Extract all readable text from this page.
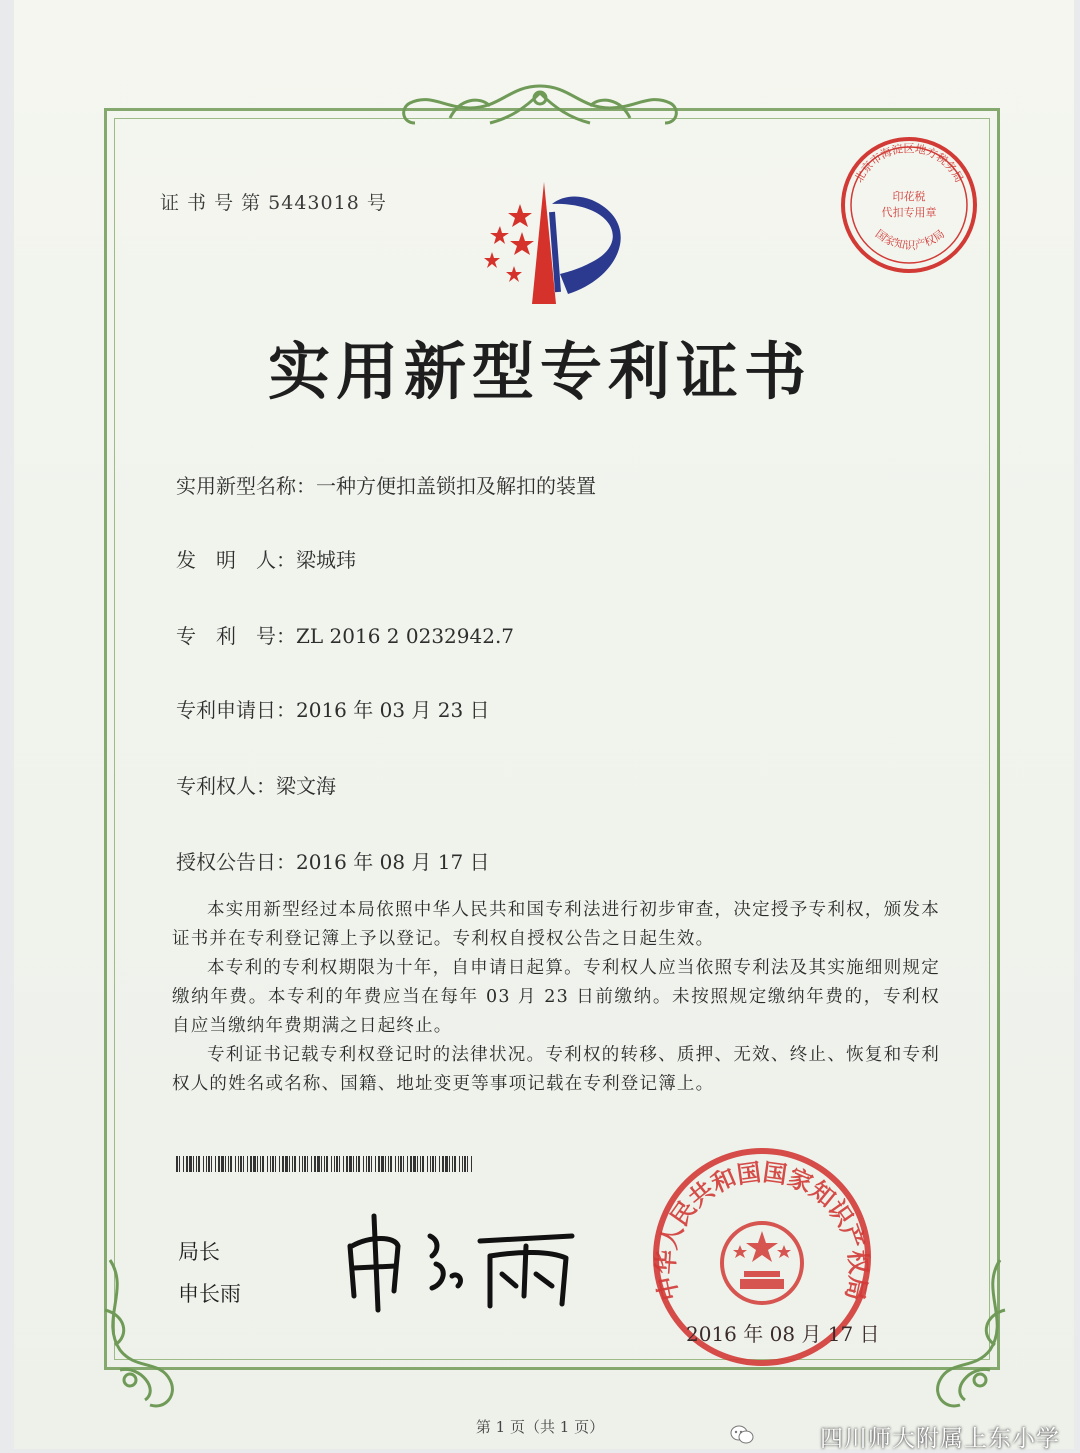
证 书 号 第 5443018 号
北京市海淀区地方税务局
印花税
代扣专用章
国家知识产权局
实用新型专利证书
实用新型名称：一种方便扣盖锁扣及解扣的装置
发　明　人：梁城玮
专　利　号：ZL 2016 2 0232942.7
专利申请日：2016 年 03 月 23 日
专利权人：梁文海
授权公告日：2016 年 08 月 17 日

本实用新型经过本局依照中华人民共和国专利法进行初步审查，决定授予专利权，颁发本证书并在专利登记簿上予以登记。专利权自授权公告之日起生效。

本专利的专利权期限为十年，自申请日起算。专利权人应当依照专利法及其实施细则规定缴纳年费。本专利的年费应当在每年 03 月 23 日前缴纳。未按照规定缴纳年费的，专利权自应当缴纳年费期满之日起终止。

专利证书记载专利权登记时的法律状况。专利权的转移、质押、无效、终止、恢复和专利权人的姓名或名称、国籍、地址变更等事项记载在专利登记簿上。

局长
申长雨	中华人民共和国国家知识产权局
2016 年 08 月 17 日
第 1 页（共 1 页）	四川师大附属上东小学
